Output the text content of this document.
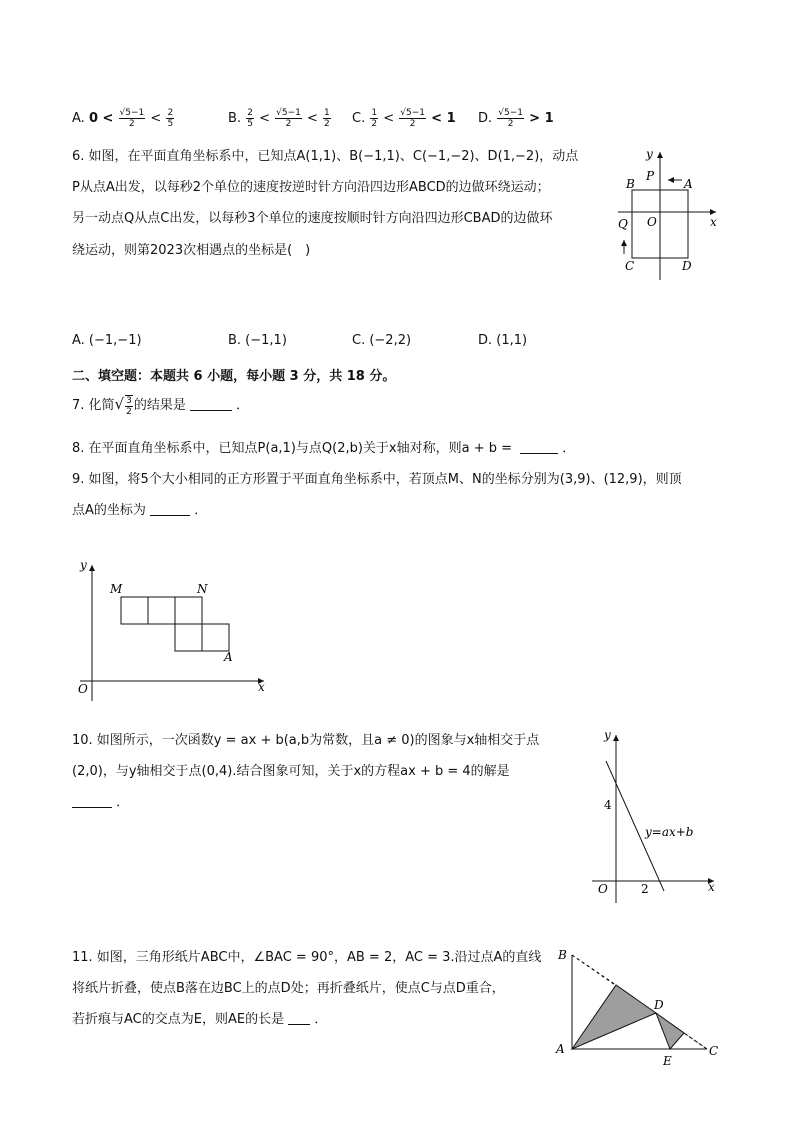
A. $0 < \frac{√5-1}{2} < \frac{2}{5}$	B. $\frac{2}{5} < \frac{√5-1}{2} < \frac{1}{2} C$. $\frac{1}{2} < \frac{√5-1}{2} < 1$ D. $\frac{√5-1}{2} > 1$
6. 如图，在平面直角坐标系中，已知点A(1,1)、B(−1,1)、C(−1,−2)、D(1,−2)，动点
P从点A出发，以每秒2个单位的速度按逆时针方向沿四边形ABCD的边做环绕运动；
另一动点Q从点C出发，以每秒3个单位的速度按顺时针方向沿四边形CBAD的边做环
绕运动，则第2023次相遇点的坐标是(　)
y
x
P
A
B
Q O
C	D
A. (−1,−1)	B. (−1,1)	C. (−2,2)	D. (1,1)
二、填空题：本题共 6 小题，每小题 3 分，共 18 分。
7. 化简√ $\frac{3}{2}$ 的结果是	．
8. 在平面直角坐标系中，已知点P(a,1)与点Q(2,b)关于x轴对称，则a + b =	．
9. 如图，将5个大小相同的正方形置于平面直角坐标系中，若顶点M、N的坐标分别为(3,9)、(12,9)，则顶
点A的坐标为	．
y
x
O
M	N
A
10. 如图所示，一次函数y = ax + b(a,b为常数，且a ≠ 0)的图象与x轴相交于点
(2,0)，与y轴相交于点(0,4).结合图象可知，关于x的方程ax + b = 4的解是
．
y
x
O
4
2
y=ax+b
11. 如图，三角形纸片ABC中，∠BAC = 90°，AB = 2，AC = 3.沿过点A的直线
将纸片折叠，使点B落在边BC上的点D处；再折叠纸片，使点C与点D重合，
若折痕与AC的交点为E，则AE的长是 ．
B
A
D
E
C
